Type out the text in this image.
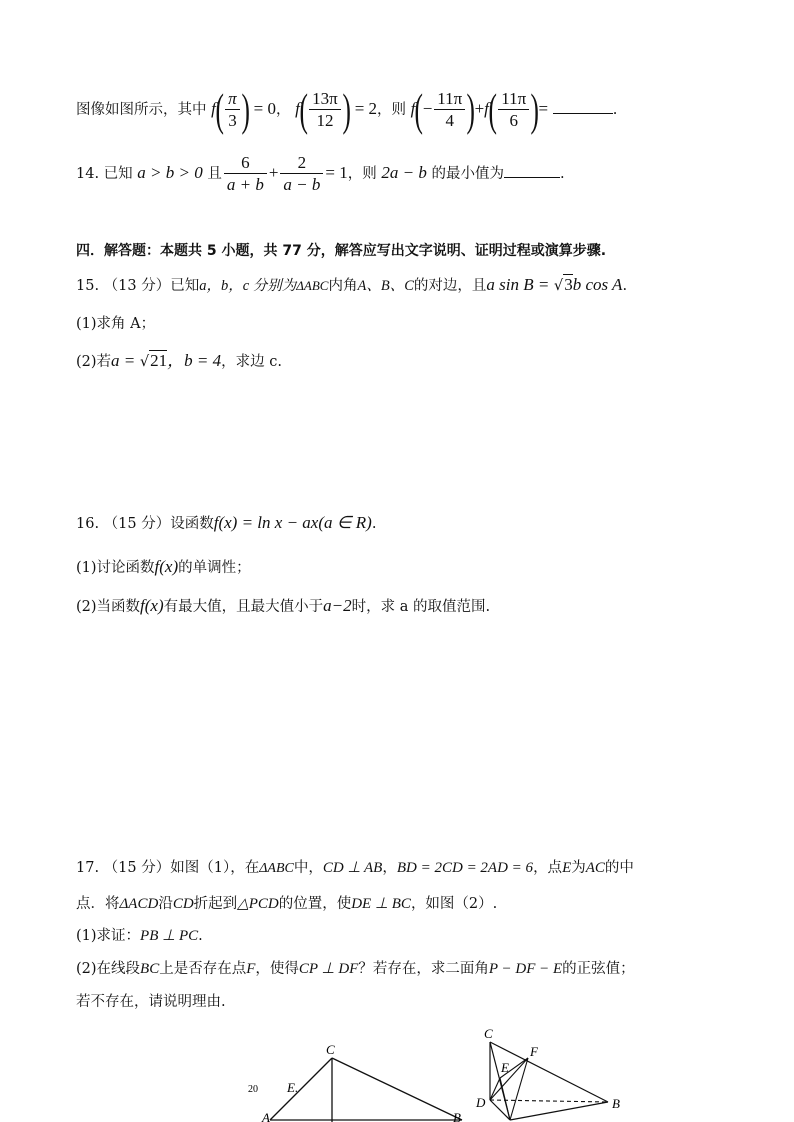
图像如图所示，其中 $f( \frac{\pi}{3}$ ) = 0， $f( \frac{13\pi}{12}$ ) = 2，则 $f(- \frac{11\pi}{4} )+f( \frac{11\pi}{6}$ )=	.
14. 已知 a > b > 0 且 $\frac{6}{a + b} + \frac{2}{a - b} = 1$，则 2a − b 的最小值为	.
四．解答题：本题共 5 小题，共 77 分，解答应写出文字说明、证明过程或演算步骤.
15. （13 分）已知a，b，c 分别为ΔABC内角A、B、C的对边，且a sin B = √3b cos A.
(1)求角 A；
(2)若a = √21，b = 4，求边 c.
16. （15 分）设函数f(x) = ln x − ax(a ∈ R).
(1)讨论函数f(x)的单调性；
(2)当函数f(x)有最大值，且最大值小于a−2时，求 a 的取值范围.
17. （15 分）如图（1），在ΔABC中，CD ⊥ AB，BD = 2CD = 2AD = 6，点E为AC的中
点．将ΔACD沿CD折起到△PCD的位置，使DE ⊥ BC，如图（2）.
(1)求证：PB ⊥ PC.
(2)在线段BC上是否存在点F，使得CP ⊥ DF？若存在，求二面角P − DF − E的正弦值；
若不存在，请说明理由.
C
E.
20
A	B
C
F
E
D	B
